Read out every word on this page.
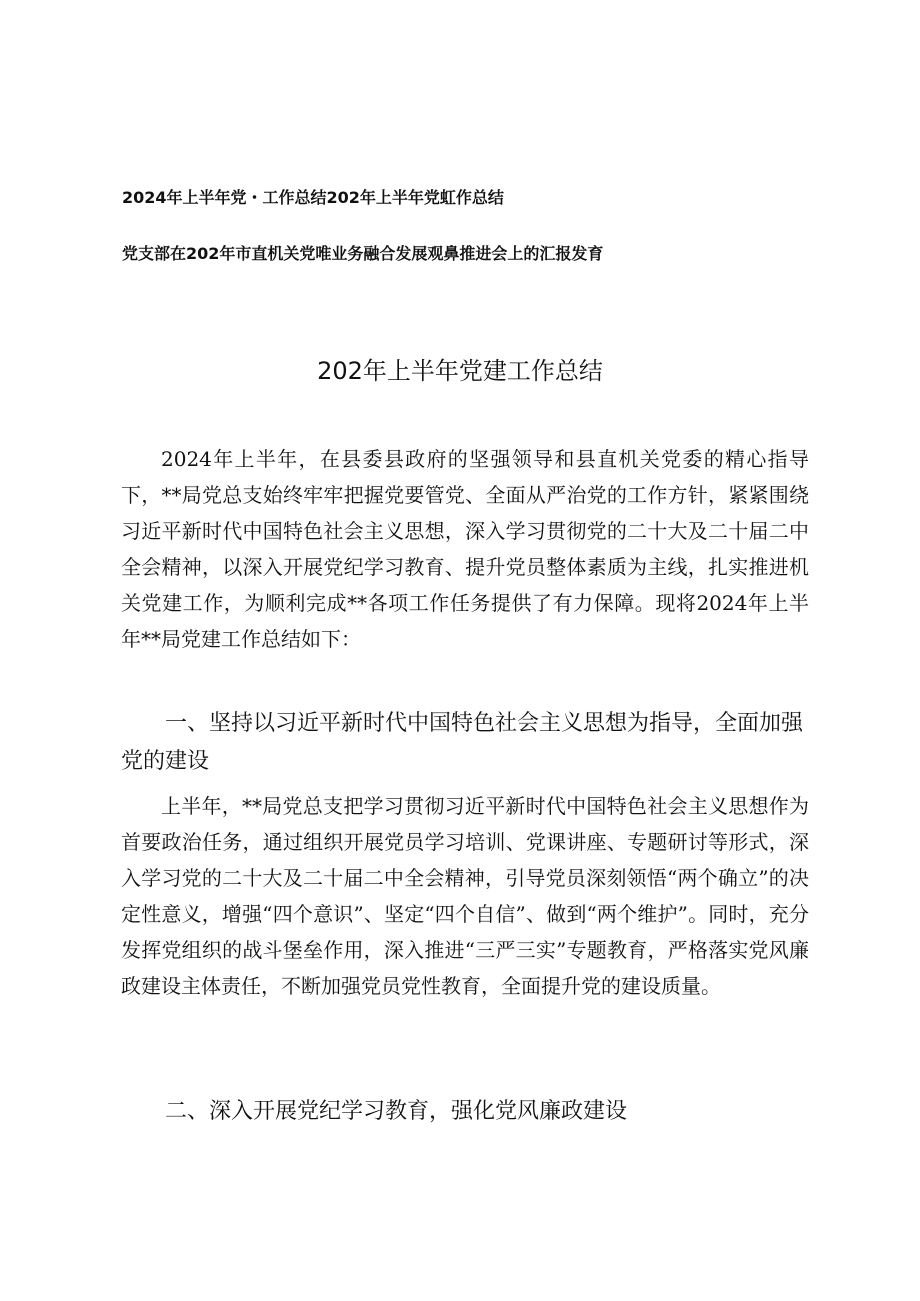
2024年上半年党・工作总结202年上半年党虹作总结
党支部在202年市直机关党唯业务融合发展观鼻推进会上的汇报发育
202年上半年党建工作总结

2024年上半年，在县委县政府的坚强领导和县直机关党委的精心指导下，**局党总支始终牢牢把握党要管党、全面从严治党的工作方针，紧紧围绕习近平新时代中国特色社会主义思想，深入学习贯彻党的二十大及二十届二中全会精神，以深入开展党纪学习教育、提升党员整体素质为主线，扎实推进机关党建工作，为顺利完成**各项工作任务提供了有力保障。现将2024年上半年**局党建工作总结如下：

一、坚持以习近平新时代中国特色社会主义思想为指导，全面加强党的建设

上半年，**局党总支把学习贯彻习近平新时代中国特色社会主义思想作为首要政治任务，通过组织开展党员学习培训、党课讲座、专题研讨等形式，深入学习党的二十大及二十届二中全会精神，引导党员深刻领悟“两个确立”的决定性意义，增强“四个意识”、坚定“四个自信”、做到“两个维护”。同时，充分发挥党组织的战斗堡垒作用，深入推进“三严三实”专题教育，严格落实党风廉政建设主体责任，不断加强党员党性教育，全面提升党的建设质量。

二、深入开展党纪学习教育，强化党风廉政建设
